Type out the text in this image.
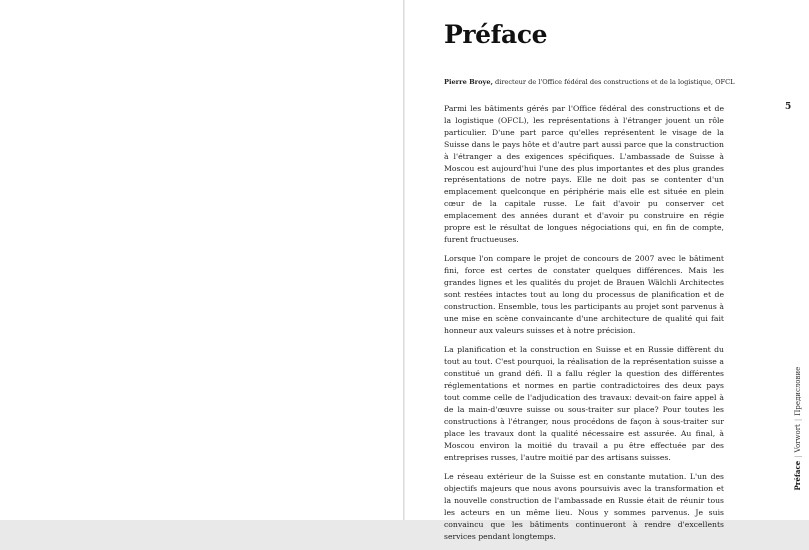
Préface
Pierre Broye, directeur de l'Office fédéral des constructions et de la logistique, OFCL

Parmi les bâtiments gérés par l'Office fédéral des constructions et de la logistique (OFCL), les représentations à l'étranger jouent un rôle particulier. D'une part parce qu'elles représentent le visage de la Suisse dans le pays hôte et d'autre part aussi parce que la construction à l'étranger a des exigences spécifiques. L'ambassade de Suisse à Moscou est aujourd'hui l'une des plus importantes et des plus grandes représentations de notre pays. Elle ne doit pas se contenter d'un emplacement quelconque en périphérie mais elle est située en plein cœur de la capitale russe. Le fait d'avoir pu conserver cet emplacement des années durant et d'avoir pu construire en régie propre est le résultat de longues négociations qui, en fin de compte, furent fructueuses.

Lorsque l'on compare le projet de concours de 2007 avec le bâtiment fini, force est certes de constater quelques différences. Mais les grandes lignes et les qualités du projet de Brauen Wälchli Architectes sont restées intactes tout au long du processus de planification et de construction. Ensemble, tous les participants au projet sont parvenus à une mise en scène convaincante d'une architecture de qualité qui fait honneur aux valeurs suisses et à notre précision.

La planification et la construction en Suisse et en Russie diffèrent du tout au tout. C'est pourquoi, la réalisation de la représentation suisse a constitué un grand défi. Il a fallu régler la question des différentes réglementations et normes en partie contradictoires des deux pays tout comme celle de l'adjudication des travaux: devait-on faire appel à de la main-d'œuvre suisse ou sous-traiter sur place? Pour toutes les constructions à l'étranger, nous procédons de façon à sous-traiter sur place les travaux dont la qualité nécessaire est assurée. Au final, à Moscou environ la moitié du travail a pu être effectuée par des entreprises russes, l'autre moitié par des artisans suisses.

Le réseau extérieur de la Suisse est en constante mutation. L'un des objectifs majeurs que nous avons poursuivis avec la transformation et la nouvelle construction de l'ambassade en Russie était de réunir tous les acteurs en un même lieu. Nous y sommes parvenus. Je suis convaincu que les bâtiments continueront à rendre d'excellents services pendant longtemps.

5
Préface|Vorwort|Предисловие
